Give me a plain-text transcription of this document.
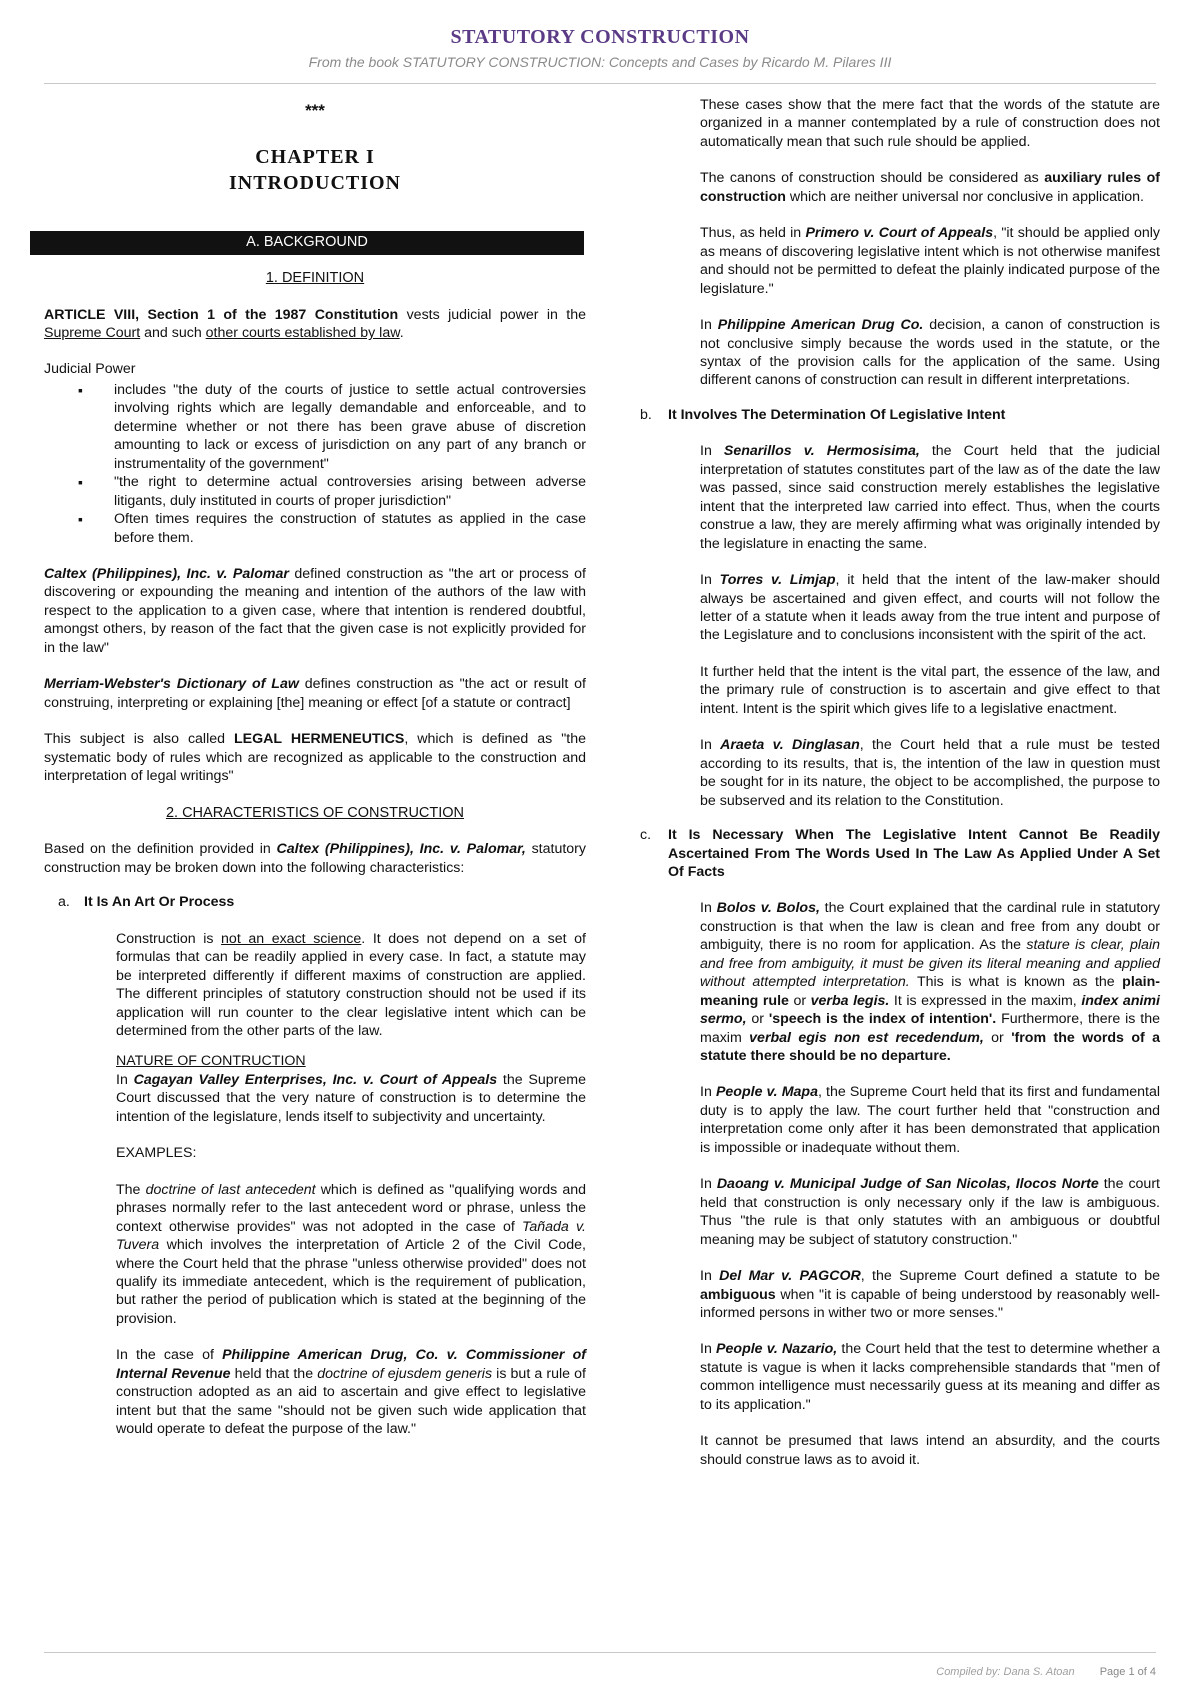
STATUTORY CONSTRUCTION
From the book STATUTORY CONSTRUCTION: Concepts and Cases by Ricardo M. Pilares III
***
CHAPTER I
INTRODUCTION
A. BACKGROUND
1. DEFINITION

ARTICLE VIII, Section 1 of the 1987 Constitution vests judicial power in the Supreme Court and such other courts established by law.

Judicial Power
▪ includes "the duty of the courts of justice to settle actual controversies involving rights which are legally demandable and enforceable, and to determine whether or not there has been grave abuse of discretion amounting to lack or excess of jurisdiction on any part of any branch or instrumentality of the government"
▪ "the right to determine actual controversies arising between adverse litigants, duly instituted in courts of proper jurisdiction"
▪ Often times requires the construction of statutes as applied in the case before them.

Caltex (Philippines), Inc. v. Palomar defined construction as "the art or process of discovering or expounding the meaning and intention of the authors of the law with respect to the application to a given case, where that intention is rendered doubtful, amongst others, by reason of the fact that the given case is not explicitly provided for in the law"

Merriam-Webster's Dictionary of Law defines construction as "the act or result of construing, interpreting or explaining [the] meaning or effect [of a statute or contract]

This subject is also called LEGAL HERMENEUTICS, which is defined as "the systematic body of rules which are recognized as applicable to the construction and interpretation of legal writings"

2. CHARACTERISTICS OF CONSTRUCTION

Based on the definition provided in Caltex (Philippines), Inc. v. Palomar, statutory construction may be broken down into the following characteristics:

a. It Is An Art Or Process

Construction is not an exact science. It does not depend on a set of formulas that can be readily applied in every case. In fact, a statute may be interpreted differently if different maxims of construction are applied. The different principles of statutory construction should not be used if its application will run counter to the clear legislative intent which can be determined from the other parts of the law.

NATURE OF CONTRUCTION

In Cagayan Valley Enterprises, Inc. v. Court of Appeals the Supreme Court discussed that the very nature of construction is to determine the intention of the legislature, lends itself to subjectivity and uncertainty.

EXAMPLES:

The doctrine of last antecedent which is defined as "qualifying words and phrases normally refer to the last antecedent word or phrase, unless the context otherwise provides" was not adopted in the case of Tañada v. Tuvera which involves the interpretation of Article 2 of the Civil Code, where the Court held that the phrase "unless otherwise provided" does not qualify its immediate antecedent, which is the requirement of publication, but rather the period of publication which is stated at the beginning of the provision.

In the case of Philippine American Drug, Co. v. Commissioner of Internal Revenue held that the doctrine of ejusdem generis is but a rule of construction adopted as an aid to ascertain and give effect to legislative intent but that the same "should not be given such wide application that would operate to defeat the purpose of the law."

These cases show that the mere fact that the words of the statute are organized in a manner contemplated by a rule of construction does not automatically mean that such rule should be applied.

The canons of construction should be considered as auxiliary rules of construction which are neither universal nor conclusive in application.

Thus, as held in Primero v. Court of Appeals, "it should be applied only as means of discovering legislative intent which is not otherwise manifest and should not be permitted to defeat the plainly indicated purpose of the legislature."

In Philippine American Drug Co. decision, a canon of construction is not conclusive simply because the words used in the statute, or the syntax of the provision calls for the application of the same. Using different canons of construction can result in different interpretations.

b.	It Involves The Determination Of Legislative Intent

In Senarillos v. Hermosisima, the Court held that the judicial interpretation of statutes constitutes part of the law as of the date the law was passed, since said construction merely establishes the legislative intent that the interpreted law carried into effect. Thus, when the courts construe a law, they are merely affirming what was originally intended by the legislature in enacting the same.

In Torres v. Limjap, it held that the intent of the law-maker should always be ascertained and given effect, and courts will not follow the letter of a statute when it leads away from the true intent and purpose of the Legislature and to conclusions inconsistent with the spirit of the act.

It further held that the intent is the vital part, the essence of the law, and the primary rule of construction is to ascertain and give effect to that intent. Intent is the spirit which gives life to a legislative enactment.

In Araeta v. Dinglasan, the Court held that a rule must be tested according to its results, that is, the intention of the law in question must be sought for in its nature, the object to be accomplished, the purpose to be subserved and its relation to the Constitution.

c.	It Is Necessary When The Legislative Intent Cannot Be Readily Ascertained From The Words Used In The Law As Applied Under A Set Of Facts

In Bolos v. Bolos, the Court explained that the cardinal rule in statutory construction is that when the law is clean and free from any doubt or ambiguity, there is no room for application. As the stature is clear, plain and free from ambiguity, it must be given its literal meaning and applied without attempted interpretation. This is what is known as the plain-meaning rule or verba legis. It is expressed in the maxim, index animi sermo, or 'speech is the index of intention'. Furthermore, there is the maxim verbal egis non est recedendum, or 'from the words of a statute there should be no departure.

In People v. Mapa, the Supreme Court held that its first and fundamental duty is to apply the law. The court further held that "construction and interpretation come only after it has been demonstrated that application is impossible or inadequate without them.

In Daoang v. Municipal Judge of San Nicolas, Ilocos Norte the court held that construction is only necessary only if the law is ambiguous. Thus "the rule is that only statutes with an ambiguous or doubtful meaning may be subject of statutory construction."

In Del Mar v. PAGCOR, the Supreme Court defined a statute to be ambiguous when "it is capable of being understood by reasonably well-informed persons in wither two or more senses."

In People v. Nazario, the Court held that the test to determine whether a statute is vague is when it lacks comprehensible standards that "men of common intelligence must necessarily guess at its meaning and differ as to its application."

It cannot be presumed that laws intend an absurdity, and the courts should construe laws as to avoid it.

Compiled by: Dana S. Atoan Page 1 of 4
